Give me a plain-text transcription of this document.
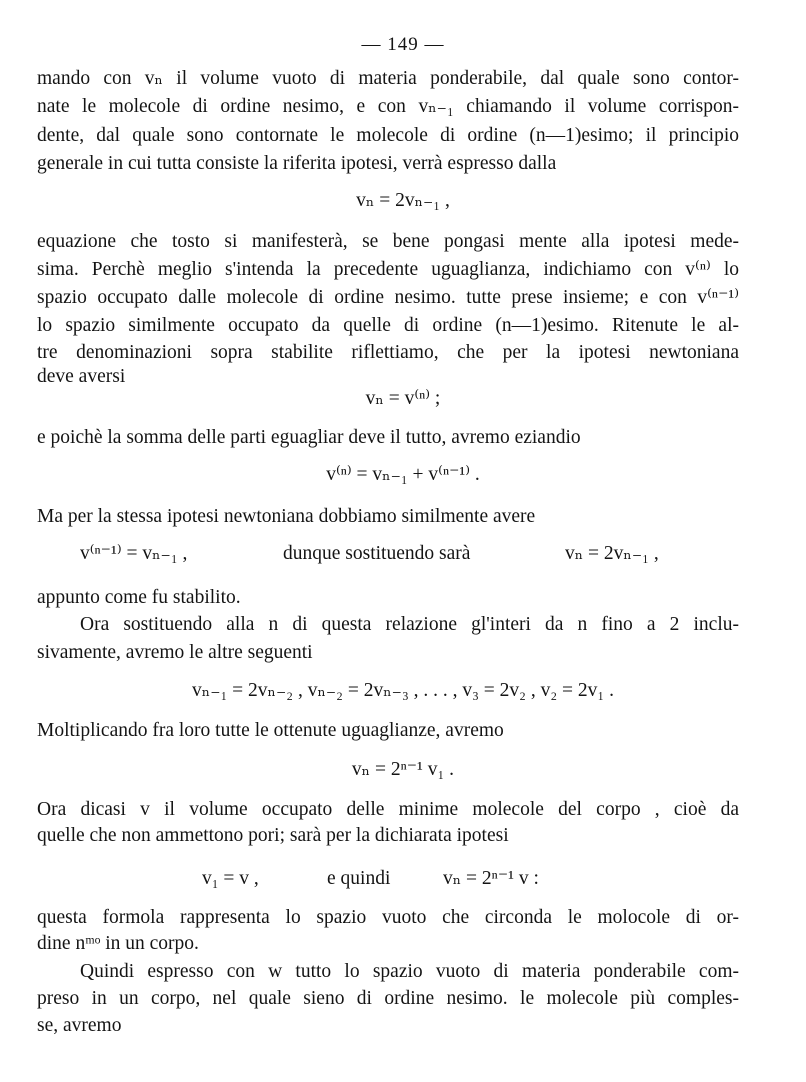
— 149 —
mando con vₙ il volume vuoto di materia ponderabile, dal quale sono contor-
nate le molecole di ordine nesimo, e con vₙ₋₁ chiamando il volume corrispon-
dente, dal quale sono contornate le molecole di ordine (n—1)esimo; il principio
generale in cui tutta consiste la riferita ipotesi, verrà espresso dalla
vₙ = 2vₙ₋₁ ,
equazione che tosto si manifesterà, se bene pongasi mente alla ipotesi mede-
sima. Perchè meglio s'intenda la precedente uguaglianza, indichiamo con v⁽ⁿ⁾ lo
spazio occupato dalle molecole di ordine nesimo. tutte prese insieme; e con v⁽ⁿ⁻¹⁾
lo spazio similmente occupato da quelle di ordine (n—1)esimo. Ritenute le al-
tre denominazioni sopra stabilite riflettiamo, che per la ipotesi newtoniana
deve aversi
vₙ = v⁽ⁿ⁾ ;
e poichè la somma delle parti eguagliar deve il tutto, avremo eziandio
v⁽ⁿ⁾ = vₙ₋₁ + v⁽ⁿ⁻¹⁾ .
Ma per la stessa ipotesi newtoniana dobbiamo similmente avere
v⁽ⁿ⁻¹⁾ = vₙ₋₁ ,	dunque sostituendo sarà	vₙ = 2vₙ₋₁ ,
appunto come fu stabilito.
Ora sostituendo alla n di questa relazione gl'interi da n fino a 2 inclu-
sivamente, avremo le altre seguenti
vₙ₋₁ = 2vₙ₋₂ , vₙ₋₂ = 2vₙ₋₃ , . . . , v₃ = 2v₂ , v₂ = 2v₁ .
Moltiplicando fra loro tutte le ottenute uguaglianze, avremo
vₙ = 2ⁿ⁻¹ v₁ .
Ora dicasi v il volume occupato delle minime molecole del corpo , cioè da
quelle che non ammettono pori; sarà per la dichiarata ipotesi
v₁ = v ,	e quindi	vₙ = 2ⁿ⁻¹ v :
questa formola rappresenta lo spazio vuoto che circonda le molocole di or-
dine nᵐᵒ in un corpo.
Quindi espresso con w tutto lo spazio vuoto di materia ponderabile com-
preso in un corpo, nel quale sieno di ordine nesimo. le molecole più comples-
se, avremo
